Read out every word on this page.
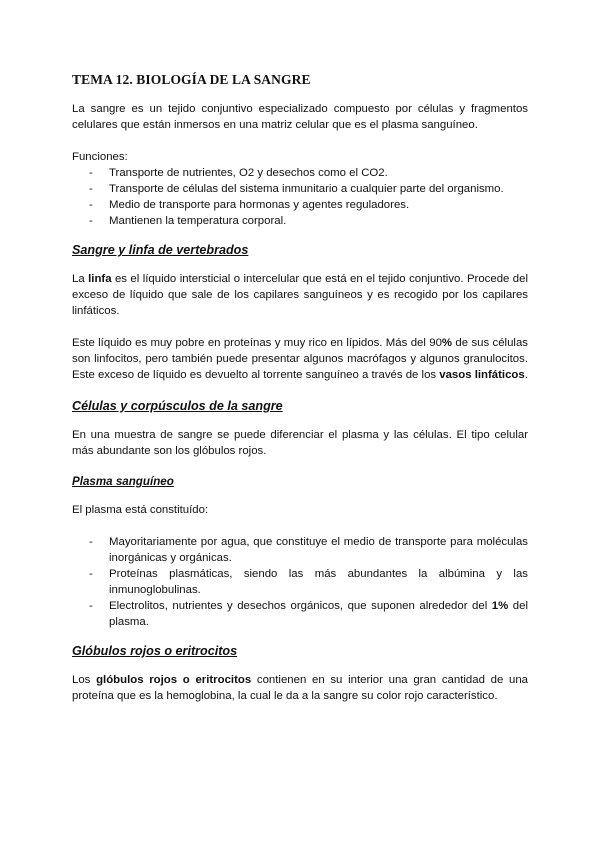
TEMA 12. BIOLOGÍA DE LA SANGRE

La sangre es un tejido conjuntivo especializado compuesto por células y fragmentos celulares que están inmersos en una matriz celular que es el plasma sanguíneo.

Funciones:

- Transporte de nutrientes, O2 y desechos como el CO2.
- Transporte de células del sistema inmunitario a cualquier parte del organismo.
- Medio de transporte para hormonas y agentes reguladores.
- Mantienen la temperatura corporal.
Sangre y linfa de vertebrados

La linfa es el líquido intersticial o intercelular que está en el tejido conjuntivo. Procede del exceso de líquido que sale de los capilares sanguíneos y es recogido por los capilares linfáticos.

Este líquido es muy pobre en proteínas y muy rico en lípidos. Más del 90% de sus células son linfocitos, pero también puede presentar algunos macrófagos y algunos granulocitos. Este exceso de líquido es devuelto al torrente sanguíneo a través de los vasos linfáticos.

Células y corpúsculos de la sangre

En una muestra de sangre se puede diferenciar el plasma y las células. El tipo celular más abundante son los glóbulos rojos.

Plasma sanguíneo

El plasma está constituído:

- Mayoritariamente por agua, que constituye el medio de transporte para moléculas inorgánicas y orgánicas.
- Proteínas plasmáticas, siendo las más abundantes la albúmina y las inmunoglobulinas.
- Electrolitos, nutrientes y desechos orgánicos, que suponen alrededor del 1% del plasma.
Glóbulos rojos o eritrocitos

Los glóbulos rojos o eritrocitos contienen en su interior una gran cantidad de una proteína que es la hemoglobina, la cual le da a la sangre su color rojo característico.
